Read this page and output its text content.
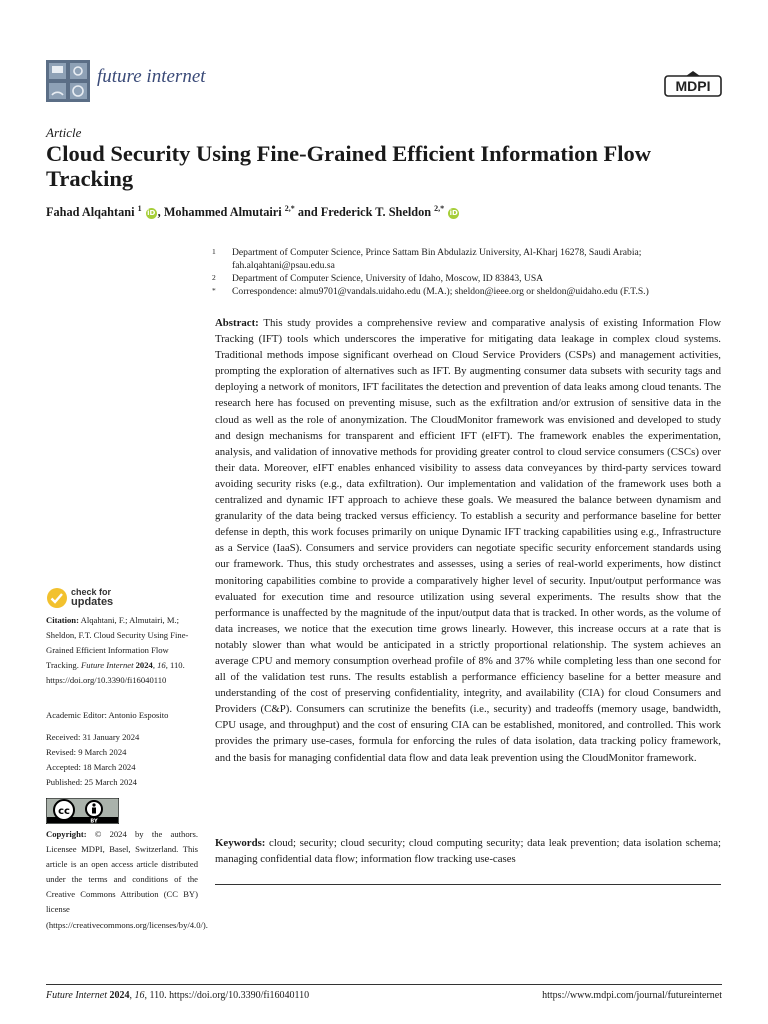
future internet	MDPI
Article
Cloud Security Using Fine-Grained Efficient Information Flow Tracking
Fahad Alqahtani $^1$ iD , Mohammed Almutairi $^{2,*}$ and Frederick T. Sheldon $^{2,*}$ iD
1 Department of Computer Science, Prince Sattam Bin Abdulaziz University, Al-Kharj 16278, Saudi Arabia; fah.alqahtani@psau.edu.sa
2 Department of Computer Science, University of Idaho, Moscow, ID 83843, USA
* Correspondence: almu9701@vandals.uidaho.edu (M.A.); sheldon@ieee.org or sheldon@uidaho.edu (F.T.S.)
Abstract: This study provides a comprehensive review and comparative analysis of existing Information Flow Tracking (IFT) tools which underscores the imperative for mitigating data leakage in complex cloud systems. Traditional methods impose significant overhead on Cloud Service Providers (CSPs) and management activities, prompting the exploration of alternatives such as IFT. By augmenting consumer data subsets with security tags and deploying a network of monitors, IFT facilitates the detection and prevention of data leaks among cloud tenants. The research here has focused on preventing misuse, such as the exfiltration and/or extrusion of sensitive data in the cloud as well as the role of anonymization. The CloudMonitor framework was envisioned and developed to study and design mechanisms for transparent and efficient IFT (eIFT). The framework enables the experimentation, analysis, and validation of innovative methods for providing greater control to cloud service consumers (CSCs) over their data. Moreover, eIFT enables enhanced visibility to assess data conveyances by third-party services toward avoiding security risks (e.g., data exfiltration). Our implementation and validation of the framework uses both a centralized and dynamic IFT approach to achieve these goals. We measured the balance between dynamism and granularity of the data being tracked versus efficiency. To establish a security and performance baseline for better defense in depth, this work focuses primarily on unique Dynamic IFT tracking capabilities using e.g., Infrastructure as a Service (IaaS). Consumers and service providers can negotiate specific security enforcement standards using our framework. Thus, this study orchestrates and assesses, using a series of real-world experiments, how distinct monitoring capabilities combine to provide a comparatively higher level of security. Input/output performance was evaluated for execution time and resource utilization using several experiments. The results show that the performance is unaffected by the magnitude of the input/output data that is tracked. In other words, as the volume of data increases, we notice that the execution time grows linearly. However, this increase occurs at a rate that is notably slower than what would be anticipated in a strictly proportional relationship. The system achieves an average CPU and memory consumption overhead profile of 8% and 37% while completing less than one second for all of the validation test runs. The results establish a performance efficiency baseline for a better measure and understanding of the cost of preserving confidentiality, integrity, and availability (CIA) for cloud Consumers and Providers (C&P). Consumers can scrutinize the benefits (i.e., security) and tradeoffs (memory usage, bandwidth, CPU usage, and throughput) and the cost of ensuring CIA can be established, monitored, and controlled. This work provides the primary use-cases, formula for enforcing the rules of data isolation, data tracking policy framework, and the basis for managing confidential data flow and data leak prevention using the CloudMonitor framework.
Keywords: cloud; security; cloud security; cloud computing security; data leak prevention; data isolation schema; managing confidential data flow; information flow tracking use-cases
check for
updates
Citation: Alqahtani, F.; Almutairi, M.; Sheldon, F.T. Cloud Security Using Fine-Grained Efficient Information Flow Tracking. Future Internet 2024, 16, 110. https://doi.org/10.3390/fi16040110
Academic Editor: Antonio Esposito
Received: 31 January 2024
Revised: 9 March 2024
Accepted: 18 March 2024
Published: 25 March 2024
cc
BY
Copyright: © 2024 by the authors. Licensee MDPI, Basel, Switzerland. This article is an open access article distributed under the terms and conditions of the Creative Commons Attribution (CC BY) license (https://creativecommons.org/licenses/by/4.0/).
Future Internet 2024, 16, 110. https://doi.org/10.3390/fi16040110	https://www.mdpi.com/journal/futureinternet
